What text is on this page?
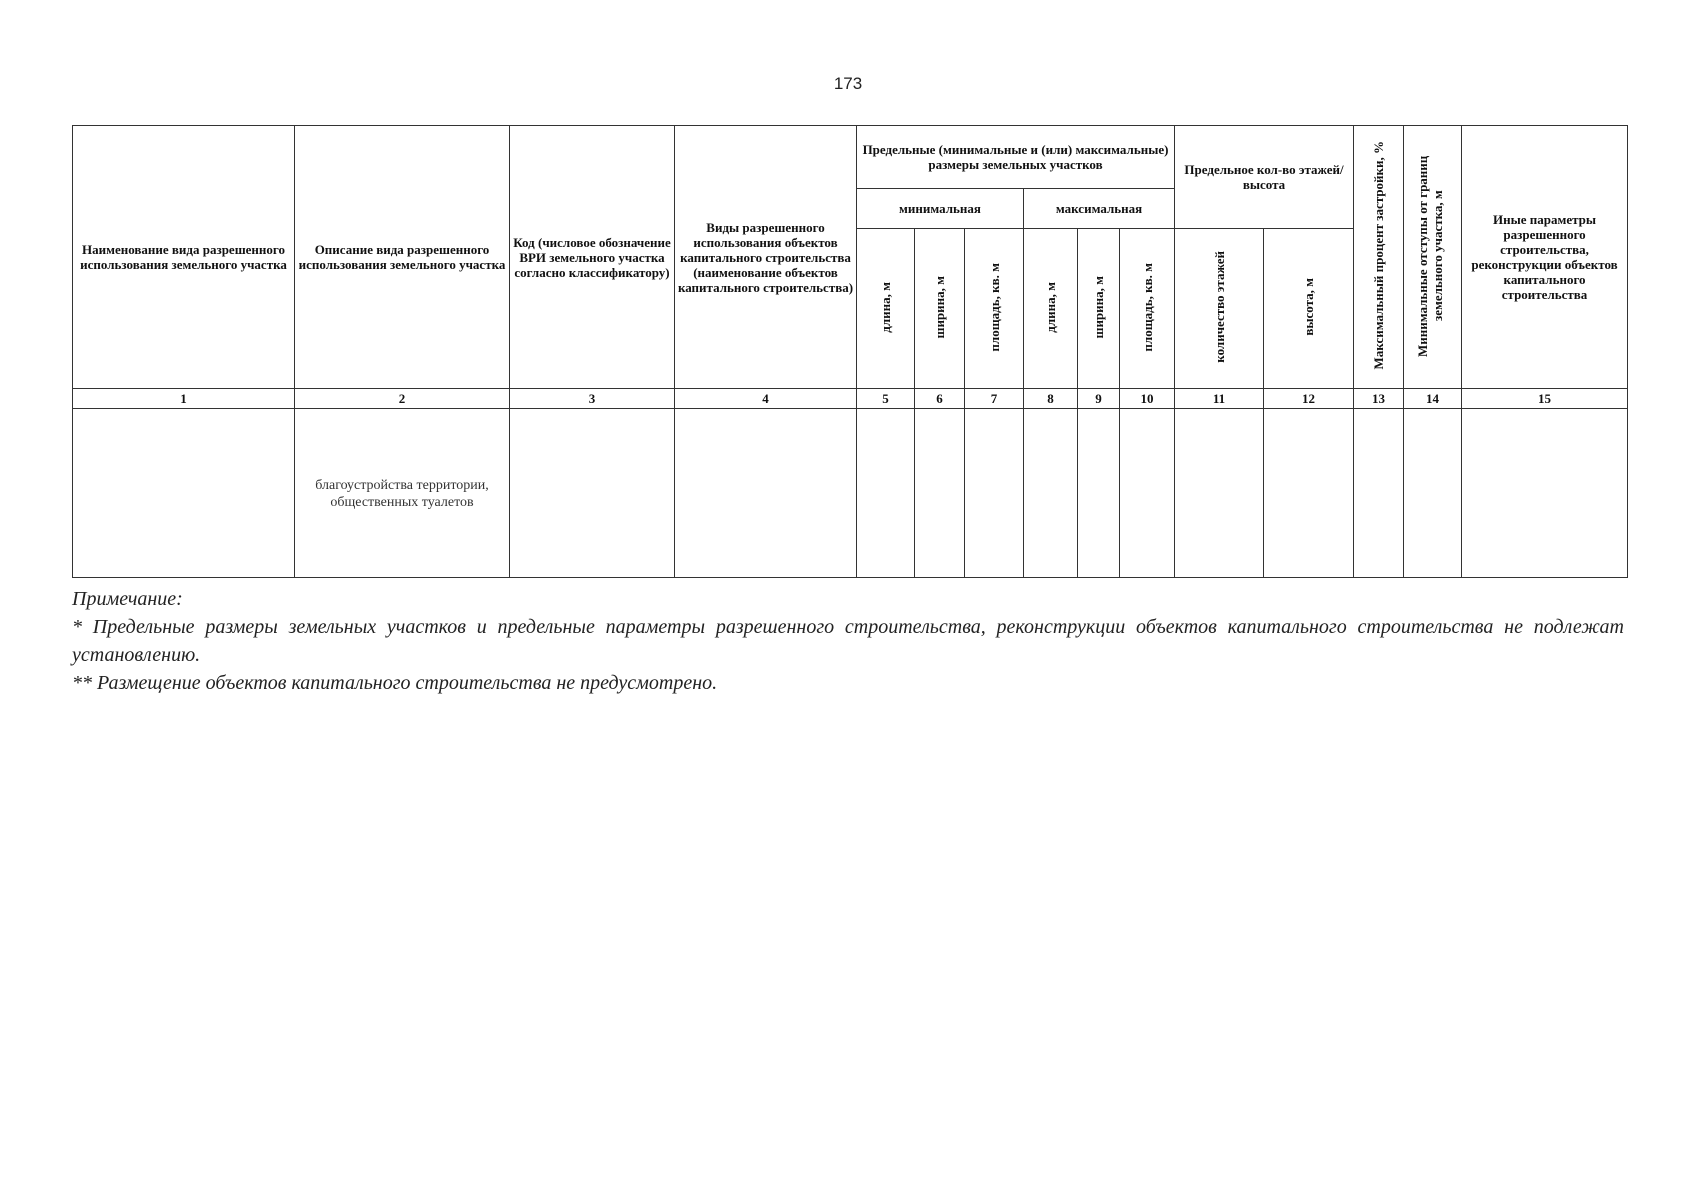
173
Наименование вида разрешенного использования земельного участка	Описание вида разрешенного использования земельного участка	Код (числовое обозначение ВРИ земельного участка согласно классификатору)	Виды разрешенного использования объектов капитального строительства (наименование объектов капитального строительства)	Предельные (минимальные и (или) максимальные) размеры земельных участков						Предельное кол-во этажей/высота		Максимальный процент застройки, %	Минимальные отступы от границ земельного участка, м	Иные параметры разрешенного строительства, реконструкции объектов капитального строительства
				минимальная			максимальная							
				длина, м	ширина, м	площадь, кв. м	длина, м	ширина, м	площадь, кв. м	количество этажей	высота, м			
1	2	3	4	5	6	7	8	9	10	11	12	13	14	15

	благоустройства территории, общественных туалетов													

Примечание:

* Предельные размеры земельных участков и предельные параметры разрешенного строительства, реконструкции объектов капитального строительства не подлежат установлению.

** Размещение объектов капитального строительства не предусмотрено.
